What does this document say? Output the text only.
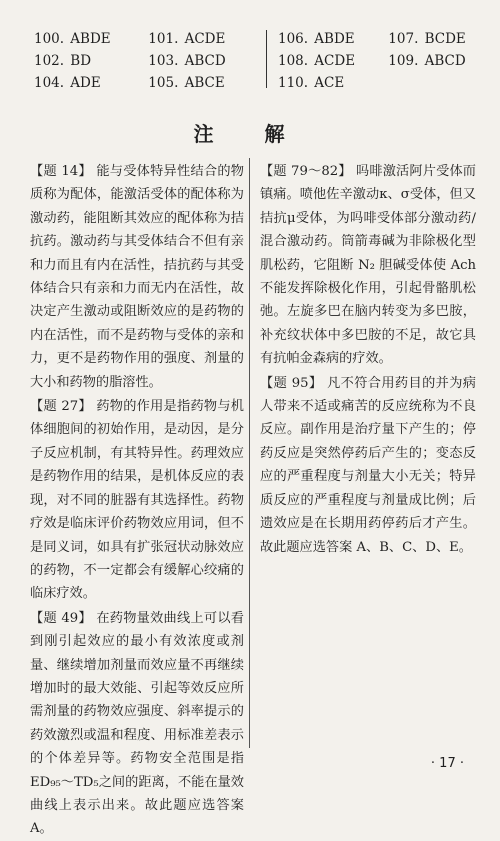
100. ABDE	101. ACDE
102. BD	103. ABCD
104. ADE	105. ABCE
106. ABDE 107. BCDE
108. ACDE 109. ABCD
110. ACE
注 解

【题 14】 能与受体特异性结合的物质称为配体，能激活受体的配体称为激动药，能阻断其效应的配体称为拮抗药。激动药与其受体结合不但有亲和力而且有内在活性，拮抗药与其受体结合只有亲和力而无内在活性，故决定产生激动或阻断效应的是药物的内在活性，而不是药物与受体的亲和力，更不是药物作用的强度、剂量的大小和药物的脂溶性。

【题 27】 药物的作用是指药物与机体细胞间的初始作用，是动因，是分子反应机制，有其特异性。药理效应是药物作用的结果，是机体反应的表现，对不同的脏器有其选择性。药物疗效是临床评价药物效应用词，但不是同义词，如具有扩张冠状动脉效应的药物，不一定都会有缓解心绞痛的临床疗效。

【题 49】 在药物量效曲线上可以看到刚引起效应的最小有效浓度或剂量、继续增加剂量而效应量不再继续增加时的最大效能、引起等效反应所需剂量的药物效应强度、斜率提示的药效激烈或温和程度、用标准差表示的个体差异等。药物安全范围是指ED₉₅～TD₅之间的距离，不能在量效曲线上表示出来。故此题应选答案 A。

【题 79～82】 吗啡激活阿片受体而镇痛。喷他佐辛激动κ、σ受体，但又拮抗μ受体，为吗啡受体部分激动药/混合激动药。筒箭毒碱为非除极化型肌松药，它阻断 N₂ 胆碱受体使 Ach 不能发挥除极化作用，引起骨骼肌松弛。左旋多巴在脑内转变为多巴胺，补充纹状体中多巴胺的不足，故它具有抗帕金森病的疗效。

【题 95】 凡不符合用药目的并为病人带来不适或痛苦的反应统称为不良反应。副作用是治疗量下产生的；停药反应是突然停药后产生的；变态反应的严重程度与剂量大小无关；特异质反应的严重程度与剂量成比例；后遗效应是在长期用药停药后才产生。故此题应选答案 A、B、C、D、E。

· 17 ·
